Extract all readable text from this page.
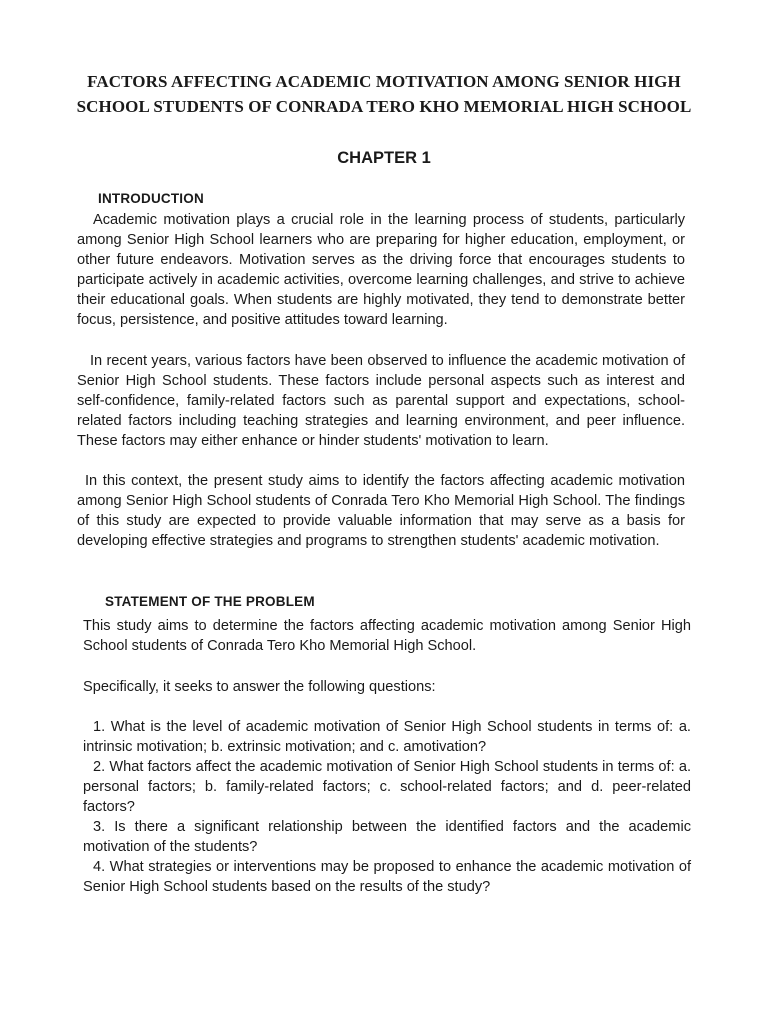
FACTORS AFFECTING ACADEMIC MOTIVATION AMONG SENIOR HIGH SCHOOL STUDENTS OF CONRADA TERO KHO MEMORIAL HIGH SCHOOL
CHAPTER 1
INTRODUCTION

Academic motivation plays a crucial role in the learning process of students, particularly among Senior High School learners who are preparing for higher education, employment, or other future endeavors. Motivation serves as the driving force that encourages students to participate actively in academic activities, overcome learning challenges, and strive to achieve their educational goals. When students are highly motivated, they tend to demonstrate better focus, persistence, and positive attitudes toward learning.

In recent years, various factors have been observed to influence the academic motivation of Senior High School students. These factors include personal aspects such as interest and self-confidence, family-related factors such as parental support and expectations, school-related factors including teaching strategies and learning environment, and peer influence. These factors may either enhance or hinder students' motivation to learn.

In this context, the present study aims to identify the factors affecting academic motivation among Senior High School students of Conrada Tero Kho Memorial High School. The findings of this study are expected to provide valuable information that may serve as a basis for developing effective strategies and programs to strengthen students' academic motivation.

STATEMENT OF THE PROBLEM

This study aims to determine the factors affecting academic motivation among Senior High School students of Conrada Tero Kho Memorial High School.

Specifically, it seeks to answer the following questions:

1. What is the level of academic motivation of Senior High School students in terms of: a. intrinsic motivation; b. extrinsic motivation; and c. amotivation?

2. What factors affect the academic motivation of Senior High School students in terms of: a. personal factors; b. family-related factors; c. school-related factors; and d. peer-related factors?

3. Is there a significant relationship between the identified factors and the academic motivation of the students?

4. What strategies or interventions may be proposed to enhance the academic motivation of Senior High School students based on the results of the study?
